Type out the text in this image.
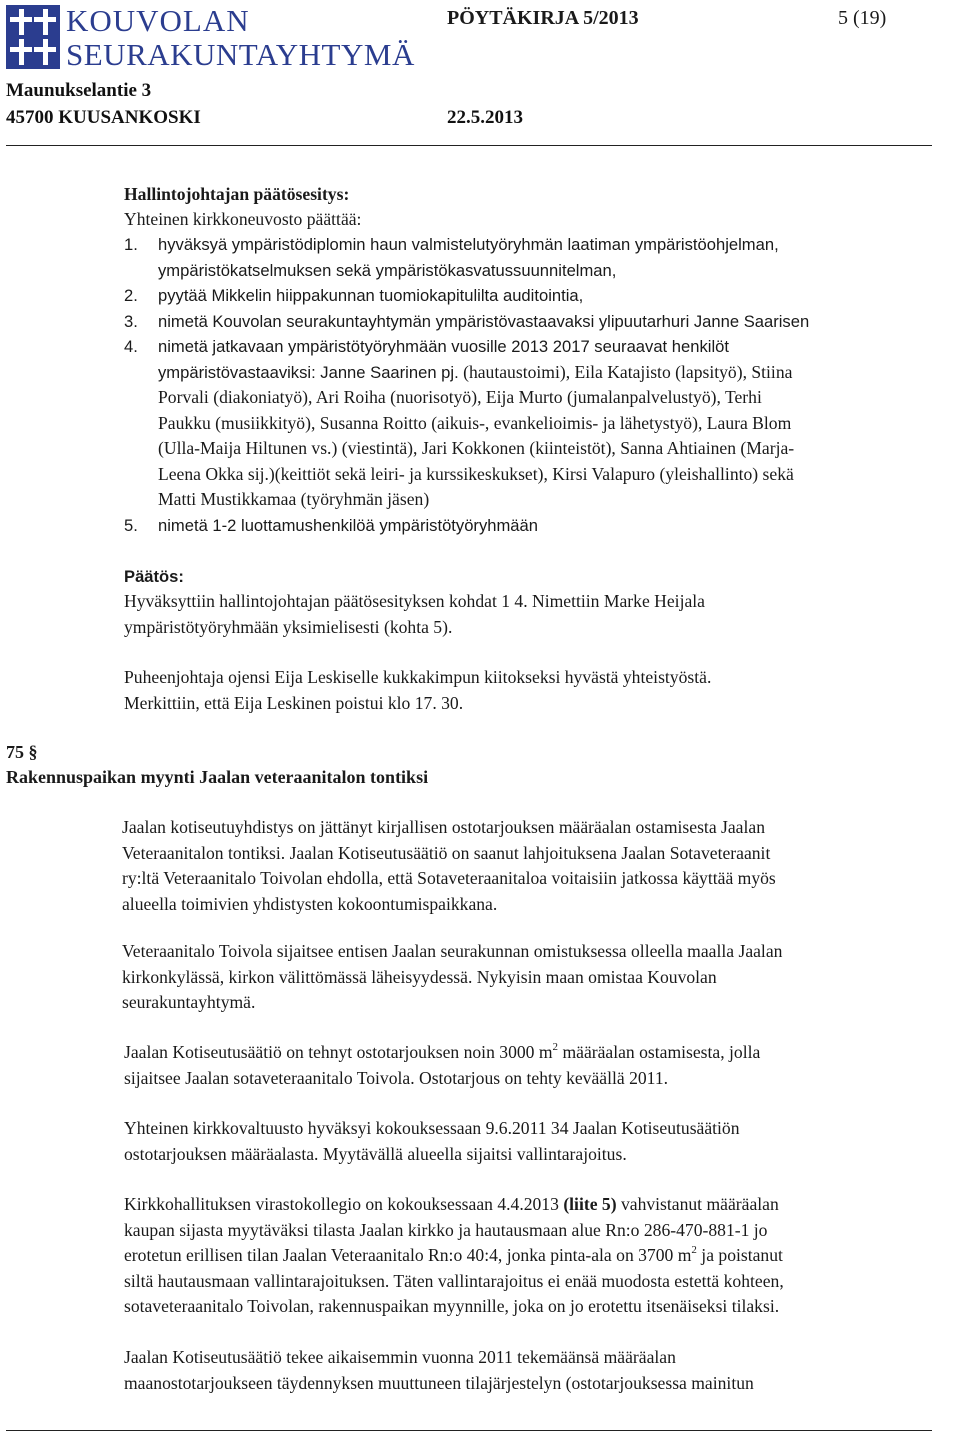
KOUVOLAN
SEURAKUNTAYHTYMÄ
PÖYTÄKIRJA 5/2013	5 (19)
Maunukselantie 3
45700 KUUSANKOSKI	22.5.2013
Hallintojohtajan päätösesitys:
Yhteinen kirkkoneuvosto päättää:
1. hyväksyä ympäristödiplomin haun valmistelutyöryhmän laatiman ympäristöohjelman,
ympäristökatselmuksen sekä ympäristökasvatussuunnitelman,
2. pyytää Mikkelin hiippakunnan tuomiokapitulilta auditointia,
3. nimetä Kouvolan seurakuntayhtymän ympäristövastaavaksi ylipuutarhuri Janne Saarisen
4. nimetä jatkavaan ympäristötyöryhmään vuosille 2013 2017 seuraavat henkilöt
ympäristövastaaviksi: Janne Saarinen pj. (hautaustoimi), Eila Katajisto (lapsityö), Stiina
Porvali (diakoniatyö), Ari Roiha (nuorisotyö), Eija Murto (jumalanpalvelustyö), Terhi
Paukku (musiikkityö), Susanna Roitto (aikuis-, evankelioimis- ja lähetystyö), Laura Blom
(Ulla-Maija Hiltunen vs.) (viestintä), Jari Kokkonen (kiinteistöt), Sanna Ahtiainen (Marja-
Leena Okka sij.)(keittiöt sekä leiri- ja kurssikeskukset), Kirsi Valapuro (yleishallinto) sekä
Matti Mustikkamaa (työryhmän jäsen)
5. nimetä 1-2 luottamushenkilöä ympäristötyöryhmään
Päätös:
Hyväksyttiin hallintojohtajan päätösesityksen kohdat 1 4. Nimettiin Marke Heijala
ympäristötyöryhmään yksimielisesti (kohta 5).
Puheenjohtaja ojensi Eija Leskiselle kukkakimpun kiitokseksi hyvästä yhteistyöstä.
Merkittiin, että Eija Leskinen poistui klo 17. 30.
75 §
Rakennuspaikan myynti Jaalan veteraanitalon tontiksi
Jaalan kotiseutuyhdistys on jättänyt kirjallisen ostotarjouksen määräalan ostamisesta Jaalan
Veteraanitalon tontiksi. Jaalan Kotiseutusäätiö on saanut lahjoituksena Jaalan Sotaveteraanit
ry:ltä Veteraanitalo Toivolan ehdolla, että Sotaveteraanitaloa voitaisiin jatkossa käyttää myös
alueella toimivien yhdistysten kokoontumispaikkana.
Veteraanitalo Toivola sijaitsee entisen Jaalan seurakunnan omistuksessa olleella maalla Jaalan
kirkonkylässä, kirkon välittömässä läheisyydessä. Nykyisin maan omistaa Kouvolan
seurakuntayhtymä.
Jaalan Kotiseutusäätiö on tehnyt ostotarjouksen noin 3000 $m^2$ määräalan ostamisesta, jolla
sijaitsee Jaalan sotaveteraanitalo Toivola. Ostotarjous on tehty keväällä 2011.
Yhteinen kirkkovaltuusto hyväksyi kokouksessaan 9.6.2011 34 Jaalan Kotiseutusäätiön
ostotarjouksen määräalasta. Myytävällä alueella sijaitsi vallintarajoitus.
Kirkkohallituksen virastokollegio on kokouksessaan 4.4.2013 (liite 5) vahvistanut määräalan
kaupan sijasta myytäväksi tilasta Jaalan kirkko ja hautausmaan alue Rn:o 286-470-881-1 jo
erotetun erillisen tilan Jaalan Veteraanitalo Rn:o 40:4, jonka pinta-ala on 3700 $m^2$ ja poistanut
siltä hautausmaan vallintarajoituksen. Täten vallintarajoitus ei enää muodosta estettä kohteen,
sotaveteraanitalo Toivolan, rakennuspaikan myynnille, joka on jo erotettu itsenäiseksi tilaksi.
Jaalan Kotiseutusäätiö tekee aikaisemmin vuonna 2011 tekemäänsä määräalan
maanostotarjoukseen täydennyksen muuttuneen tilajärjestelyn (ostotarjouksessa mainitun
